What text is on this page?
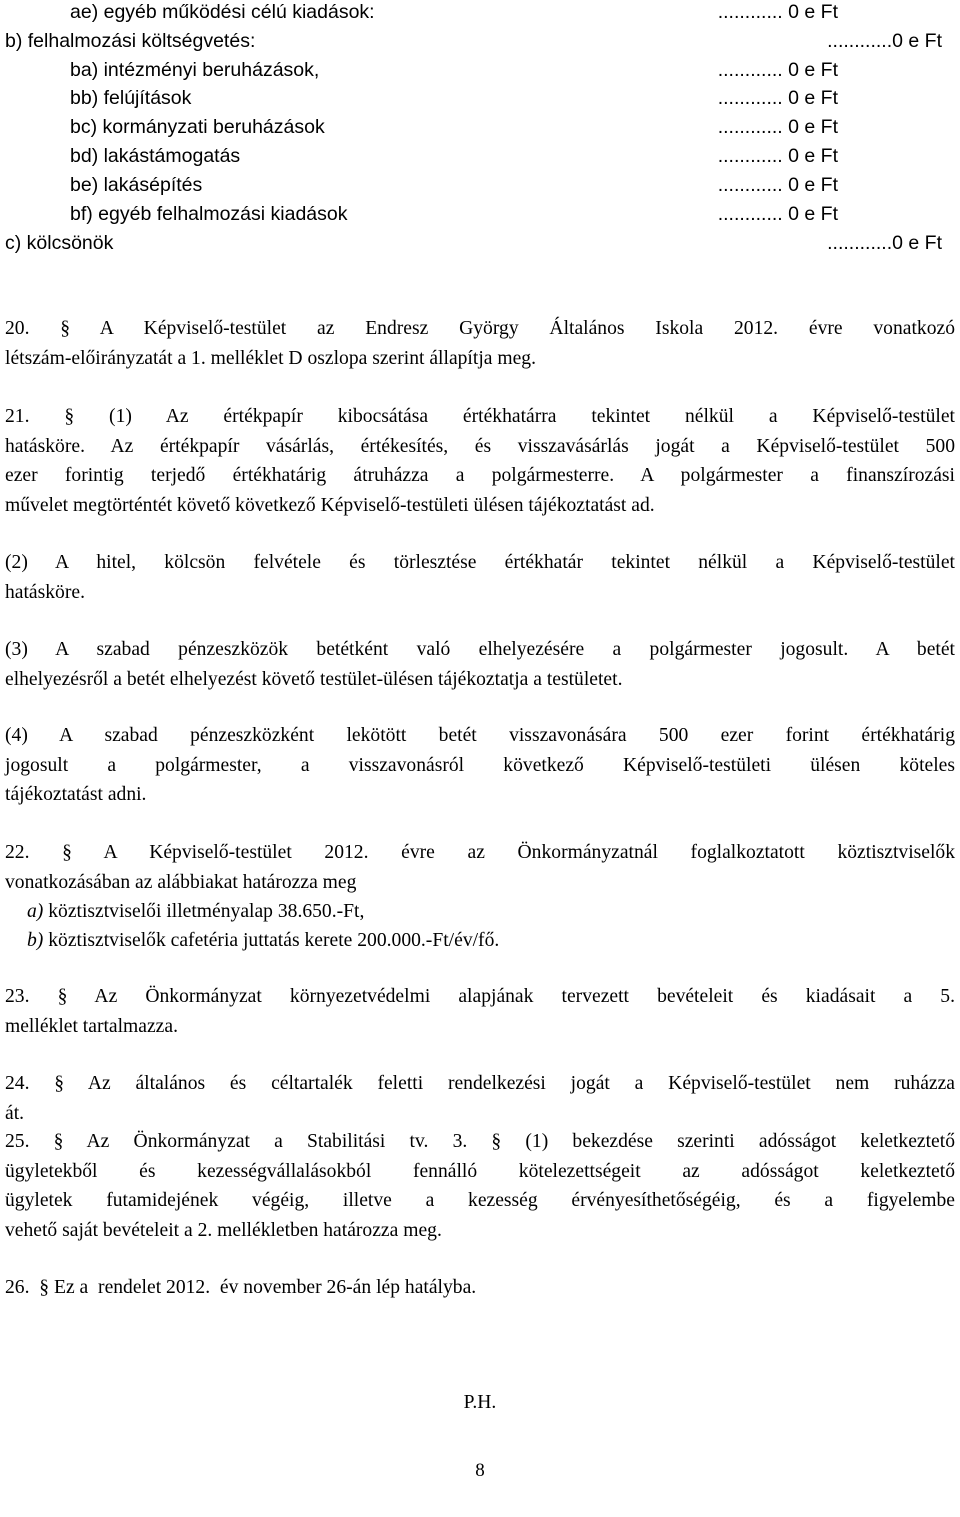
ae) egyéb működési célú kiadások:	............ 0 e Ft
b) felhalmozási költségvetés:	............0 e Ft
ba) intézményi beruházások,	............ 0 e Ft
bb) felújítások	............ 0 e Ft
bc) kormányzati beruházások	............ 0 e Ft
bd) lakástámogatás	............ 0 e Ft
be) lakásépítés	............ 0 e Ft
bf) egyéb felhalmozási kiadások	............ 0 e Ft
c) kölcsönök	............0 e Ft
20. § A Képviselő-testület az Endresz György Általános Iskola 2012. évre vonatkozó
létszám-előirányzatát a 1. melléklet D oszlopa szerint állapítja meg.
21. § (1) Az értékpapír kibocsátása értékhatárra tekintet nélkül a Képviselő-testület
hatásköre. Az értékpapír vásárlás, értékesítés, és visszavásárlás jogát a Képviselő-testület 500
ezer forintig terjedő értékhatárig átruházza a polgármesterre. A polgármester a finanszírozási
művelet megtörténtét követő következő Képviselő-testületi ülésen tájékoztatást ad.
(2) A hitel, kölcsön felvétele és törlesztése értékhatár tekintet nélkül a Képviselő-testület
hatásköre.
(3) A szabad pénzeszközök betétként való elhelyezésére a polgármester jogosult. A betét
elhelyezésről a betét elhelyezést követő testület-ülésen tájékoztatja a testületet.
(4) A szabad pénzeszközként lekötött betét visszavonására 500 ezer forint értékhatárig
jogosult a polgármester, a visszavonásról következő Képviselő-testületi ülésen köteles
tájékoztatást adni.
22. § A Képviselő-testület 2012. évre az Önkormányzatnál foglalkoztatott köztisztviselők
vonatkozásában az alábbiakat határozza meg
a) köztisztviselői illetményalap 38.650.-Ft,
b) köztisztviselők cafetéria juttatás kerete 200.000.-Ft/év/fő.
23. § Az Önkormányzat környezetvédelmi alapjának tervezett bevételeit és kiadásait a 5.
melléklet tartalmazza.
24. § Az általános és céltartalék feletti rendelkezési jogát a Képviselő-testület nem ruházza
át.
25. § Az Önkormányzat a Stabilitási tv. 3. § (1) bekezdése szerinti adósságot keletkeztető
ügyletekből és kezességvállalásokból fennálló kötelezettségeit az adósságot keletkeztető
ügyletek futamidejének végéig, illetve a kezesség érvényesíthetőségéig, és a figyelembe
vehető saját bevételeit a 2. mellékletben határozza meg.
26.  § Ez a  rendelet 2012.  év november 26-án lép hatályba.
P.H.
8
